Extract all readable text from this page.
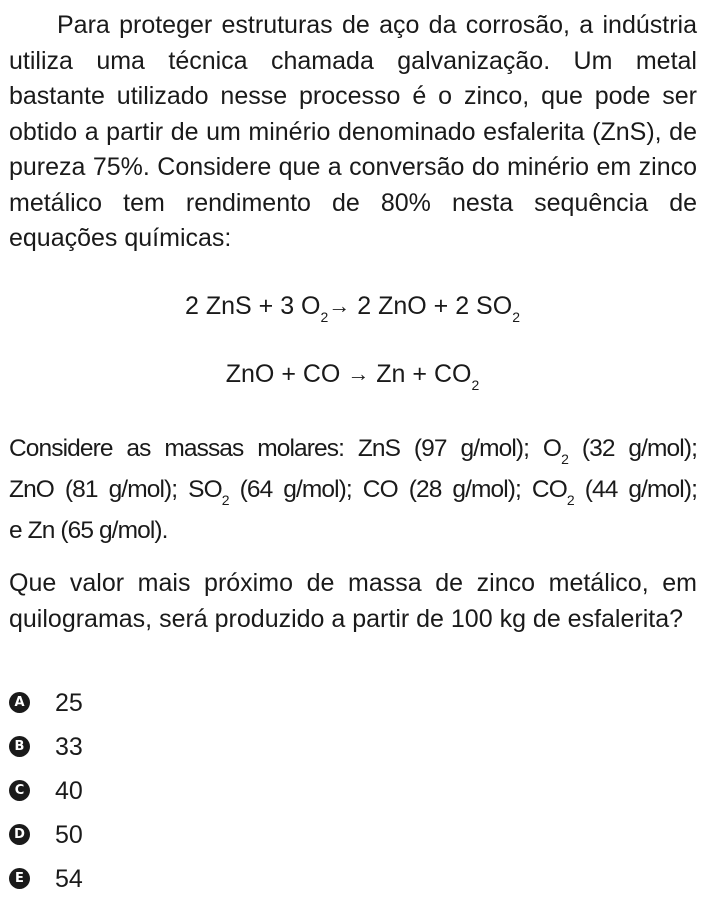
Para proteger estruturas de aço da corrosão, a indústria utiliza uma técnica chamada galvanização. Um metal bastante utilizado nesse processo é o zinco, que pode ser obtido a partir de um minério denominado esfalerita (ZnS), de pureza 75%. Considere que a conversão do minério em zinco metálico tem rendimento de 80% nesta sequência de equações químicas:

2 ZnS + 3 $O_2\to 2$ ZnO + 2 $SO_2$
ZnO + CO → $Zn + CO_2$
Considere as massas molares: ZnS (97 g/mol); $O_2$ (32 g/mol);
ZnO (81 g/mol); $SO_2$ (64 g/mol); CO (28 g/mol); $CO_2$ (44 g/mol);
e Zn (65 g/mol).

Que valor mais próximo de massa de zinco metálico, em quilogramas, será produzido a partir de 100 kg de esfalerita?

A 25
B 33
C 40
D 50
E 54
